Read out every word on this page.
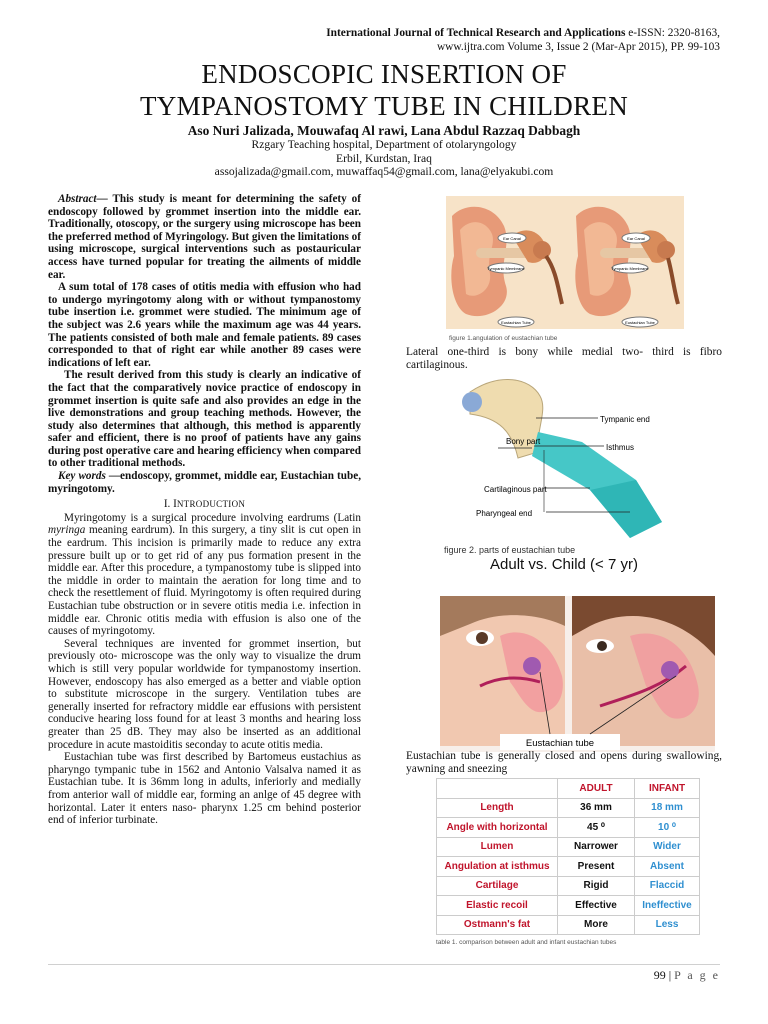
International Journal of Technical Research and Applications e-ISSN: 2320-8163,
www.ijtra.com Volume 3, Issue 2 (Mar-Apr 2015), PP. 99-103
ENDOSCOPIC INSERTION OF
TYMPANOSTOMY TUBE IN CHILDREN
Aso Nuri Jalizada, Mouwafaq Al rawi, Lana Abdul Razzaq Dabbagh
Rzgary Teaching hospital, Department of otolaryngology
Erbil, Kurdstan, Iraq
assojalizada@gmail.com, muwaffaq54@gmail.com, lana@elyakubi.com

Abstract— This study is meant for determining the safety of endoscopy followed by grommet insertion into the middle ear. Traditionally, otoscopy, or the surgery using microscope has been the preferred method of Myringology. But given the limitations of using microscope, surgical interventions such as postauricular access have turned popular for treating the ailments of middle ear.

A sum total of 178 cases of otitis media with effusion who had to undergo myringotomy along with or without tympanostomy tube insertion i.e. grommet were studied. The minimum age of the subject was 2.6 years while the maximum age was 44 years. The patients consisted of both male and female patients. 89 cases corresponded to that of right ear while another 89 cases were indications of left ear.

The result derived from this study is clearly an indicative of the fact that the comparatively novice practice of endoscopy in grommet insertion is quite safe and also provides an edge in the live demonstrations and group teaching methods. However, the study also determines that although, this method is apparently safer and efficient, there is no proof of patients have any gains during post operative care and hearing efficiency when compared to other traditional methods.

Key words —endoscopy, grommet, middle ear, Eustachian tube, myringotomy.

I. INTRODUCTION

Myringotomy is a surgical procedure involving eardrums (Latin myringa meaning eardrum). In this surgery, a tiny slit is cut open in the eardrum. This incision is primarily made to reduce any extra pressure built up or to get rid of any pus formation present in the middle ear. After this procedure, a tympanostomy tube is slipped into the middle in order to maintain the aeration for long time and to check the resettlement of fluid. Myringotomy is often required during Eustachian tube obstruction or in severe otitis media i.e. infection in middle ear. Chronic otitis media with effusion is also one of the causes of myringotomy.

Several techniques are invented for grommet insertion, but previously oto- microscope was the only way to visualize the drum which is still very popular worldwide for tympanostomy insertion. However, endoscopy has also emerged as a better and viable option to substitute microscope in the surgery. Ventilation tubes are generally inserted for refractory middle ear effusions with persistent conducive hearing loss found for at least 3 months and hearing loss greater than 25 dB. They may also be inserted as an additional procedure in acute mastoiditis seconday to acute otitis media.

Eustachian tube was first described by Bartomeus eustachius as pharyngo tympanic tube in 1562 and Antonio Valsalva named it as Eustachian tube. It is 36mm long in adults, inferiorly and medially from anterior wall of middle ear, forming an anlge of 45 degree with horizontal. Later it enters naso- pharynx 1.25 cm behind posterior end of inferior turbinate.

Ear Canal
Tympanic Membrane
Eustachian Tube
Ear Canal
Tympanic Membrane
Eustachian Tube
figure 1.angulation of eustachian tube
Lateral one-third is bony while medial two- third is fibro cartilaginous.
Tympanic end
Bony part
Isthmus
Cartilaginous part
Pharyngeal end
figure 2. parts of eustachian tube
Adult vs. Child (< 7 yr)
Eustachian tube
Eustachian tube is generally closed and opens during swallowing, yawning and sneezing
	ADULT	INFANT
Length	36 mm	18 mm
Angle with horizontal	45 ⁰	10 ⁰
Lumen	Narrower	Wider
Angulation at isthmus	Present	Absent
Cartilage	Rigid	Flaccid
Elastic recoil	Effective	Ineffective
Ostmann's fat	More	Less
table 1. comparison between adult and infant eustachian tubes
99 | P a g e
